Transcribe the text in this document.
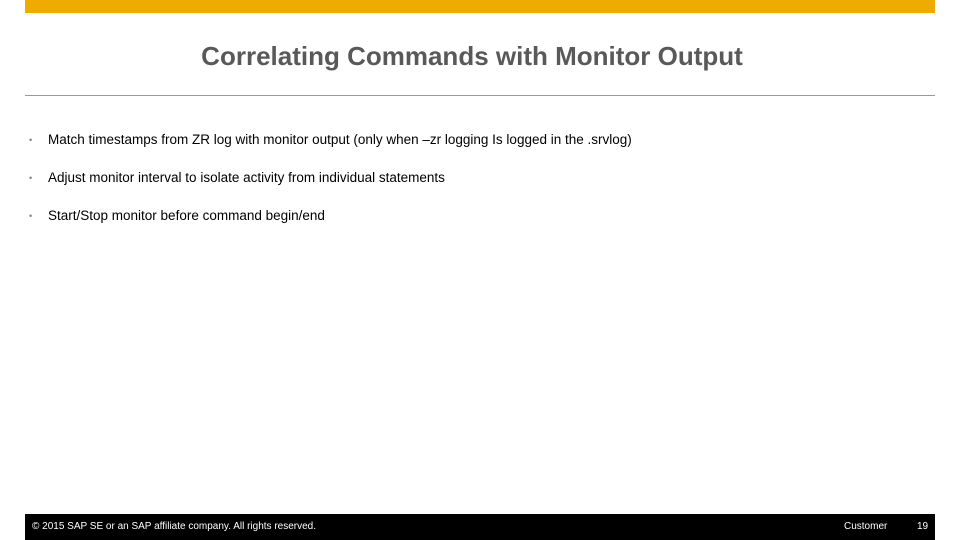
Correlating Commands with Monitor Output
• Match timestamps from ZR log with monitor output (only when –zr logging Is logged in the .srvlog)
• Adjust monitor interval to isolate activity from individual statements
• Start/Stop monitor before command begin/end
© 2015 SAP SE or an SAP affiliate company. All rights reserved.	Customer	19
